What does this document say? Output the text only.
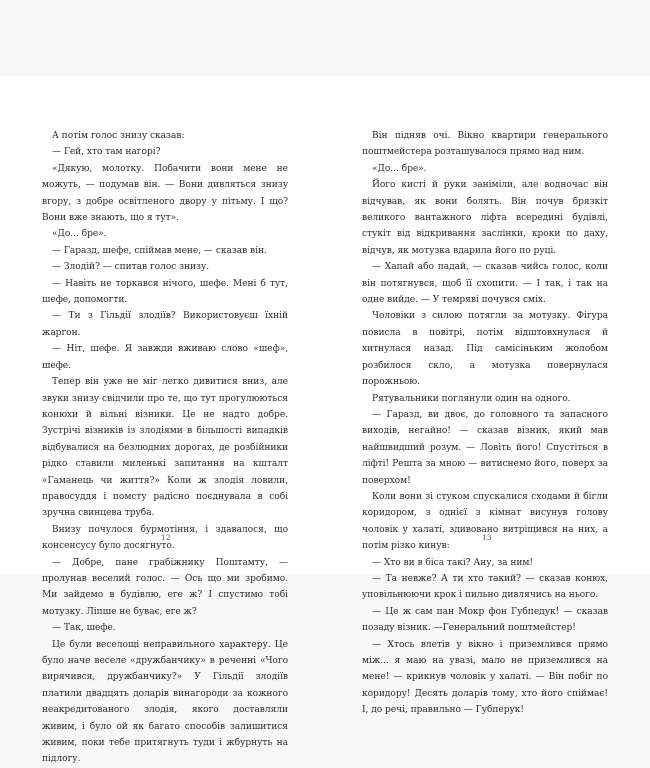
А потім голос знизу сказав:

— Гей, хто там нагорі?

«Дякую, молотку. Побачити вони мене не можуть, — подумав він. — Вони дивляться знизу вгору, з добре освітленого двору у пітьму. І що? Вони вже знають, що я тут».

«До... бре».

— Гаразд, шефе, спіймав мене, — сказав він.

— Злодій? — спитав голос знизу.

— Навіть не торкався нічого, шефе. Мені б тут, шефе, допомогти.

— Ти з Гільдії злодіїв? Використовуєш їхній жаргон.

— Ніт, шефе. Я завжди вживаю слово «шеф», шефе.

Тепер він уже не міг легко дивитися вниз, але звуки знизу свідчили про те, що тут прогулюються конюхи й вільні візники. Це не надто добре. Зустрічі візників із злодіями в більшості випадків відбувалися на безлюдних дорогах, де розбійники рідко ставили миленькі запитання на кшталт «Гаманець чи життя?» Коли ж злодія ловили, правосуддя і помсту радісно поєднувала в собі зручна свинцева труба.

Внизу почулося бурмотіння, і здавалося, що консенсусу було досягнуто.

— Добре, пане грабіжнику Поштамту, — пролунав веселий голос. — Ось що ми зробимо. Ми зайдемо в будівлю, еге ж? І спустимо тобі мотузку. Ліпше не буває, еге ж?

— Так, шефе.

Це були веселощі неправильного характеру. Це було наче веселе «дружбанчику» в реченні «Чого вирячився, дружбанчику?» У Гільдії злодіїв платили двадцять доларів винагороди за кожного неакредитованого злодія, якого доставляли живим, і було ой як багато способів залишитися живим, поки тебе притягнуть туди і жбурнуть на підлогу.

12

Він підняв очі. Вікно квартири генерального поштмейстера розташувалося прямо над ним.

«До... бре».

Його кисті й руки заніміли, але водночас він відчував, як вони болять. Він почув брязкіт великого вантажного ліфта всередині будівлі, стукіт від відкривання заслінки, кроки по даху, відчув, як мотузка вдарила його по руці.

— Хапай або падай, — сказав чийсь голос, коли він потягнувся, щоб її схопити. — І так, і так на одне вийде. — У темряві почувся сміх.

Чоловіки з силою потягли за мотузку. Фігура повисла в повітрі, потім відштовхнулася й хитнулася назад. Під самісіньким жолобом розбилося скло, а мотузка повернулася порожньою.

Рятувальники поглянули один на одного.

— Гаразд, ви двоє, до головного та запасного виходів, негайно! — сказав візник, який мав найшвидший розум. — Ловіть його! Спустіться в ліфті! Решта за мною — витиснемо його, поверх за поверхом!

Коли вони зі стуком спускалися сходами й бігли коридором, з однієї з кімнат висунув голову чоловік у халаті, здивовано витріщився на них, а потім різко кинув:

— Хто ви в біса такі? Ану, за ним!

— Та невже? А ти хто такий? — сказав конюх, уповільнюючи крок і пильно дивлячись на нього.

— Це ж сам пан Мокр фон Губпедук! — сказав позаду візник. —Генеральний поштмейстер!

— Хтось влетів у вікно і приземлився прямо між... я маю на увазі, мало не приземлився на мене! — крикнув чоловік у халаті. — Він побіг по коридору! Десять доларів тому, хто його спіймає! І, до речі, правильно — Губперук!

13
